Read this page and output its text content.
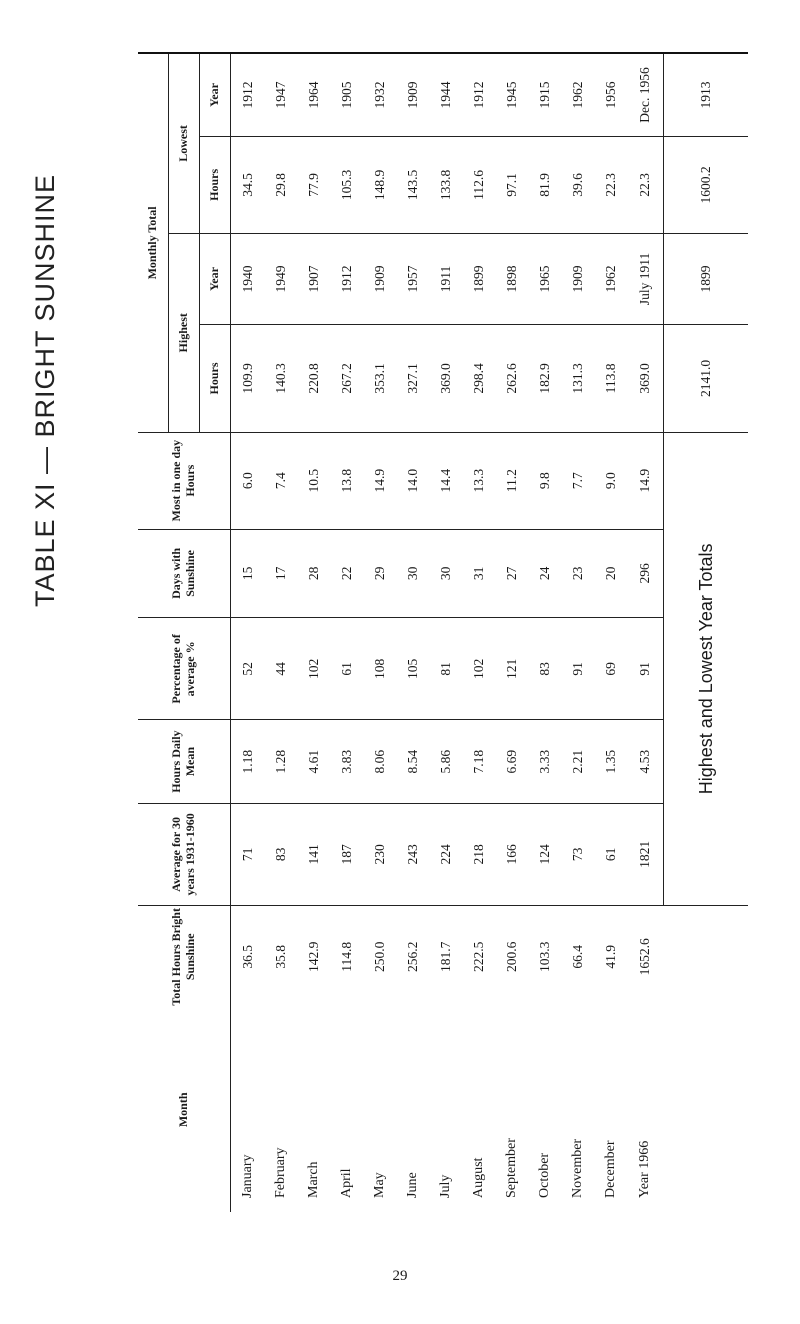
TABLE XI — BRIGHT SUNSHINE
Month	Total Hours Bright Sunshine	Average for 30 years 1931-1960	Hours Daily Mean	Percentage of average %	Days with Sunshine	Most in one day Hours	Monthly Total			
							Highest		Lowest	
							Hours	Year	Hours	Year
January	36.5	71	1.18	52	15	6.0	109.9	1940	34.5	1912
February	35.8	83	1.28	44	17	7.4	140.3	1949	29.8	1947
March	142.9	141	4.61	102	28	10.5	220.8	1907	77.9	1964
April	114.8	187	3.83	61	22	13.8	267.2	1912	105.3	1905
May	250.0	230	8.06	108	29	14.9	353.1	1909	148.9	1932
June	256.2	243	8.54	105	30	14.0	327.1	1957	143.5	1909
July	181.7	224	5.86	81	30	14.4	369.0	1911	133.8	1944
August	222.5	218	7.18	102	31	13.3	298.4	1899	112.6	1912
September	200.6	166	6.69	121	27	11.2	262.6	1898	97.1	1945
October	103.3	124	3.33	83	24	9.8	182.9	1965	81.9	1915
November	66.4	73	2.21	91	23	7.7	131.3	1909	39.6	1962
December	41.9	61	1.35	69	20	9.0	113.8	1962	22.3	1956
Year 1966	1652.6	1821	4.53	91	296	14.9	369.0	July 1911	22.3	Dec. 1956
		Highest and Lowest Year Totals					2141.0	1899	1600.2	1913
29
